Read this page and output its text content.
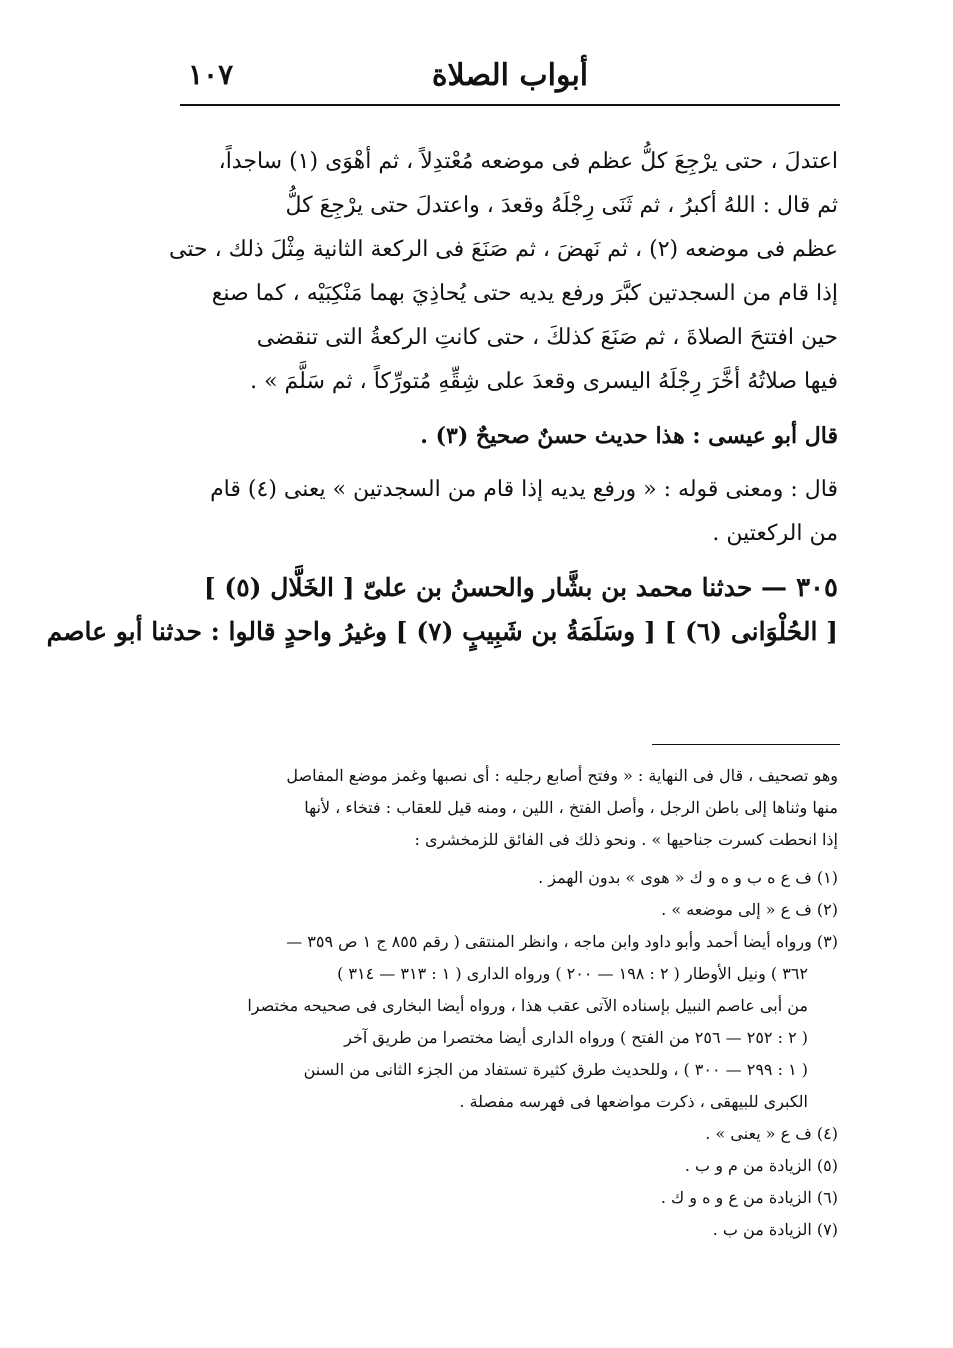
١٠٧	أبواب الصلاة
اعتدلَ ، حتى يرْجِعَ كلُّ عظم فى موضعه مُعْتدِلاً ، ثم أهْوَى (١) ساجداً،
ثم قال : اللهُ أكبرُ ، ثم ثَنَى رِجْلَهُ وقعدَ ، واعتدلَ حتى يرْجِعَ كلُّ
عظم فى موضعه (٢) ، ثم نَهضَ ، ثم صَنَعَ فى الركعة الثانية مِثْلَ ذلك ، حتى
إذا قام من السجدتين كبَّرَ ورفع يديه حتى يُحاذِيَ بهما مَنْكِبَيْه ، كما صنع
حين افتتحَ الصلاةَ ، ثم صَنَعَ كذلكَ ، حتى كانتِ الركعةُ التى تنقضى
فيها صلاتُهُ أخَّرَ رِجْلَهُ اليسرى وقعدَ على شِقِّهِ مُتورِّكاً ، ثم سَلَّمَ » .
قال أبو عيسى : هذا حديث حسنٌ صحيحٌ (٣) .
قال : ومعنى قوله : « ورفع يديه إذا قام من السجدتين » يعنى (٤) قام
من الركعتين .
٣٠٥ — حدثنا محمد بن بشَّار والحسنُ بن علىّ [ الخَلَّال (٥) ]
[ الحُلْوَانى (٦) ] [ وسَلَمَةُ بن شَبِيبٍ (٧) ] وغيرُ واحدٍ قالوا : حدثنا أبو عاصم
وهو تصحيف ، قال فى النهاية : « وفتح أصابع رجليه : أى نصبها وغمز موضع المفاصل
منها وثناها إلى باطن الرجل ، وأصل الفتخ ، اللين ، ومنه قيل للعقاب : فتخاء ، لأنها
إذا انحطت كسرت جناحيها » . ونحو ذلك فى الفائق للزمخشرى :
(١) ف ع ه ب و ه و ك « هوى » بدون الهمز .
(٢) ف ع « إلى موضعه » .
(٣) ورواه أيضا أحمد وأبو داود وابن ماجه ، وانظر المنتقى ( رقم ٨٥٥ ج ١ ص ٣٥٩ —
٣٦٢ ) ونيل الأوطار ( ٢ : ١٩٨ — ٢٠٠ ) ورواه الدارى ( ١ : ٣١٣ — ٣١٤ )
من أبى عاصم النبيل بإسناده الآتى عقب هذا ، ورواه أيضا البخارى فى صحيحه مختصرا
( ٢ : ٢٥٢ — ٢٥٦ من الفتح ) ورواه الدارى أيضا مختصرا من طريق آخر
( ١ : ٢٩٩ — ٣٠٠ ) ، وللحديث طرق كثيرة تستفاد من الجزء الثانى من السنن
الكبرى للبيهقى ، ذكرت مواضعها فى فهرسه مفصلة .
(٤) ف ع « يعنى » .
(٥) الزيادة من م و ب .
(٦) الزيادة من ع و ه و ك .
(٧) الزيادة من ب .
